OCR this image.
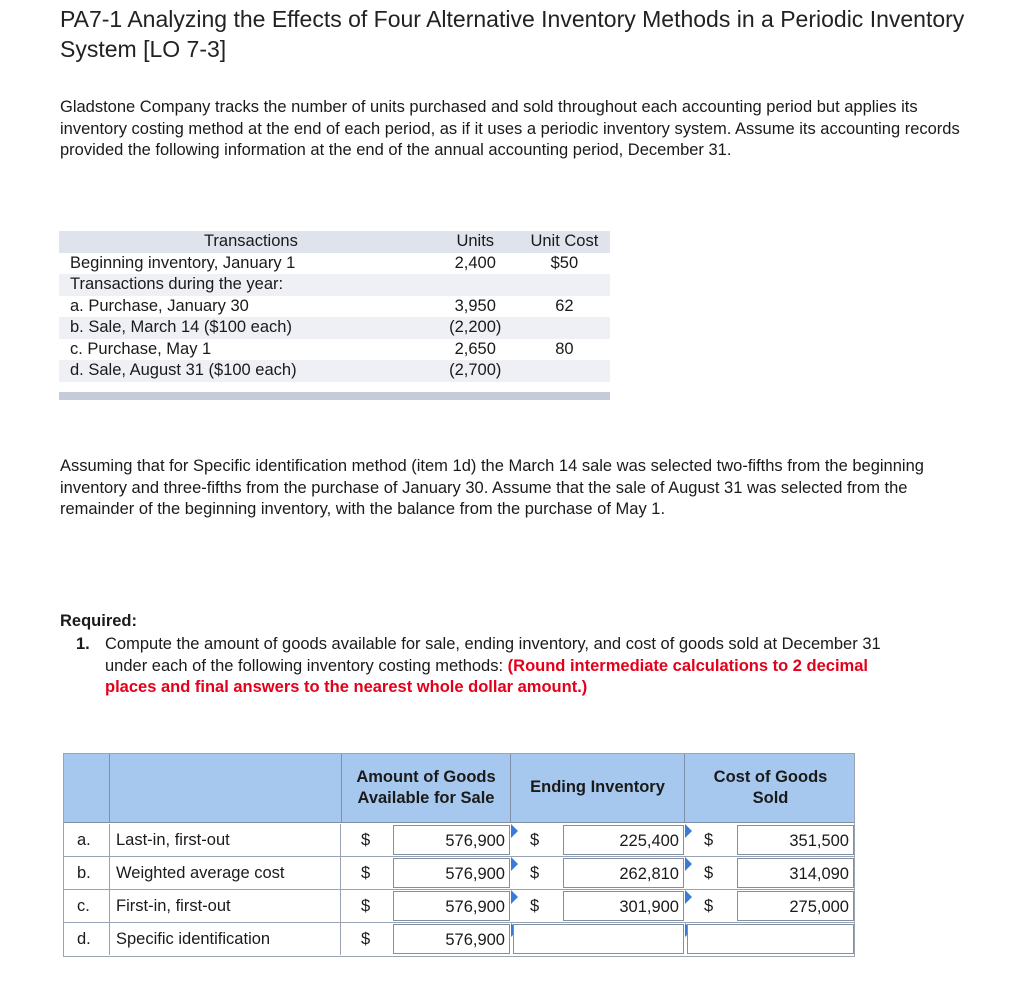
PA7-1 Analyzing the Effects of Four Alternative Inventory Methods in a Periodic Inventory System [LO 7-3]
Gladstone Company tracks the number of units purchased and sold throughout each accounting period but applies its inventory costing method at the end of each period, as if it uses a periodic inventory system. Assume its accounting records provided the following information at the end of the annual accounting period, December 31.
Transactions	Units	Unit Cost
Beginning inventory, January 1	2,400	$50
Transactions during the year:		
a. Purchase, January 30	3,950	62
b. Sale, March 14 ($100 each)	(2,200)	
c. Purchase, May 1	2,650	80
d. Sale, August 31 ($100 each)	(2,700)	
Assuming that for Specific identification method (item 1d) the March 14 sale was selected two-fifths from the beginning inventory and three-fifths from the purchase of January 30. Assume that the sale of August 31 was selected from the remainder of the beginning inventory, with the balance from the purchase of May 1.
Required:
1. Compute the amount of goods available for sale, ending inventory, and cost of goods sold at December 31 under each of the following inventory costing methods: (Round intermediate calculations to 2 decimal places and final answers to the nearest whole dollar amount.)
Amount of Goods Available for Sale
Ending Inventory
Cost of Goods Sold
a.	Last-in, first-out	$	576,900	$	225,400	$	351,500
b.	Weighted average cost	$	576,900	$	262,810	$	314,090
c.	First-in, first-out	$	576,900	$	301,900	$	275,000
d.	Specific identification	$	576,900
